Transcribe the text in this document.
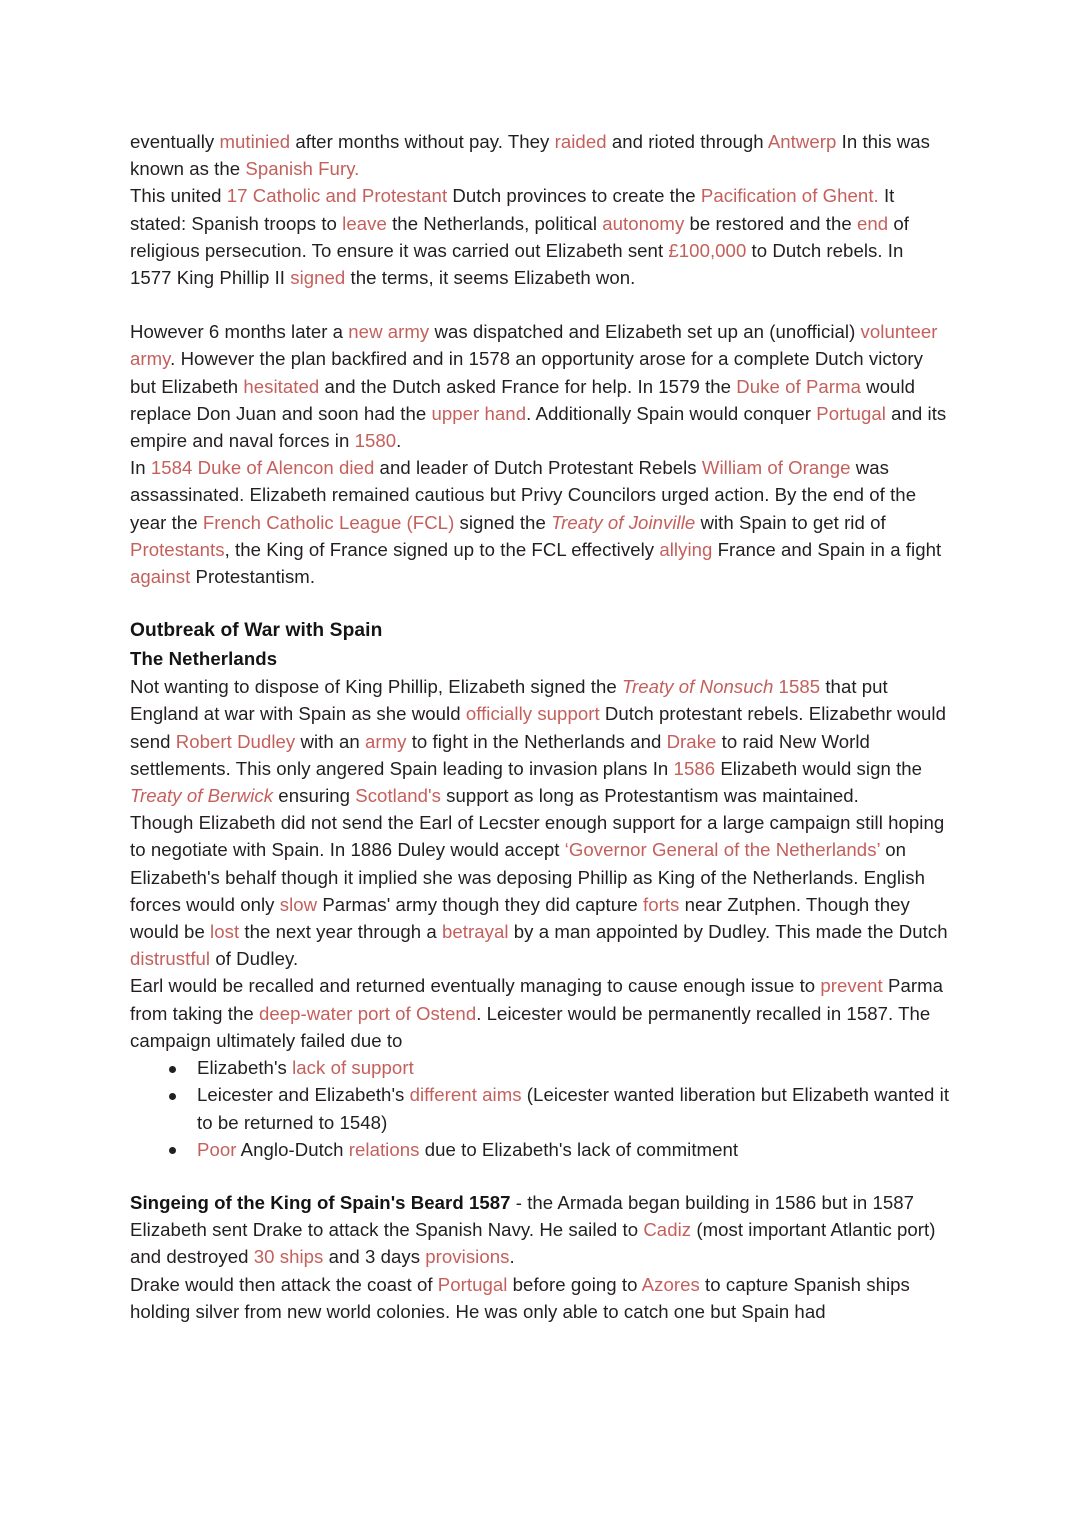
eventually mutinied after months without pay. They raided and rioted through Antwerp In this was known as the Spanish Fury.
This united 17 Catholic and Protestant Dutch provinces to create the Pacification of Ghent. It stated: Spanish troops to leave the Netherlands, political autonomy be restored and the end of religious persecution. To ensure it was carried out Elizabeth sent £100,000 to Dutch rebels. In 1577 King Phillip II signed the terms, it seems Elizabeth won.

However 6 months later a new army was dispatched and Elizabeth set up an (unofficial) volunteer army. However the plan backfired and in 1578 an opportunity arose for a complete Dutch victory but Elizabeth hesitated and the Dutch asked France for help. In 1579 the Duke of Parma would replace Don Juan and soon had the upper hand. Additionally Spain would conquer Portugal and its empire and naval forces in 1580.
In 1584 Duke of Alencon died and leader of Dutch Protestant Rebels William of Orange was assassinated. Elizabeth remained cautious but Privy Councilors urged action. By the end of the year the French Catholic League (FCL) signed the Treaty of Joinville with Spain to get rid of Protestants, the King of France signed up to the FCL effectively allying France and Spain in a fight against Protestantism.

Outbreak of War with Spain
The Netherlands

Not wanting to dispose of King Phillip, Elizabeth signed the Treaty of Nonsuch 1585 that put England at war with Spain as she would officially support Dutch protestant rebels. Elizabethr would send Robert Dudley with an army to fight in the Netherlands and Drake to raid New World settlements. This only angered Spain leading to invasion plans In 1586 Elizabeth would sign the Treaty of Berwick ensuring Scotland's support as long as Protestantism was maintained.

Though Elizabeth did not send the Earl of Lecster enough support for a large campaign still hoping to negotiate with Spain. In 1886 Duley would accept ‘Governor General of the Netherlands’ on Elizabeth's behalf though it implied she was deposing Phillip as King of the Netherlands. English forces would only slow Parmas' army though they did capture forts near Zutphen. Though they would be lost the next year through a betrayal by a man appointed by Dudley. This made the Dutch distrustful of Dudley.

Earl would be recalled and returned eventually managing to cause enough issue to prevent Parma from taking the deep-water port of Ostend. Leicester would be permanently recalled in 1587. The campaign ultimately failed due to

Elizabeth's lack of support
Leicester and Elizabeth's different aims (Leicester wanted liberation but Elizabeth wanted it to be returned to 1548)
Poor Anglo-Dutch relations due to Elizabeth's lack of commitment

Singeing of the King of Spain's Beard 1587 - the Armada began building in 1586 but in 1587 Elizabeth sent Drake to attack the Spanish Navy. He sailed to Cadiz (most important Atlantic port) and destroyed 30 ships and 3 days provisions.
Drake would then attack the coast of Portugal before going to Azores to capture Spanish ships holding silver from new world colonies. He was only able to catch one but Spain had
